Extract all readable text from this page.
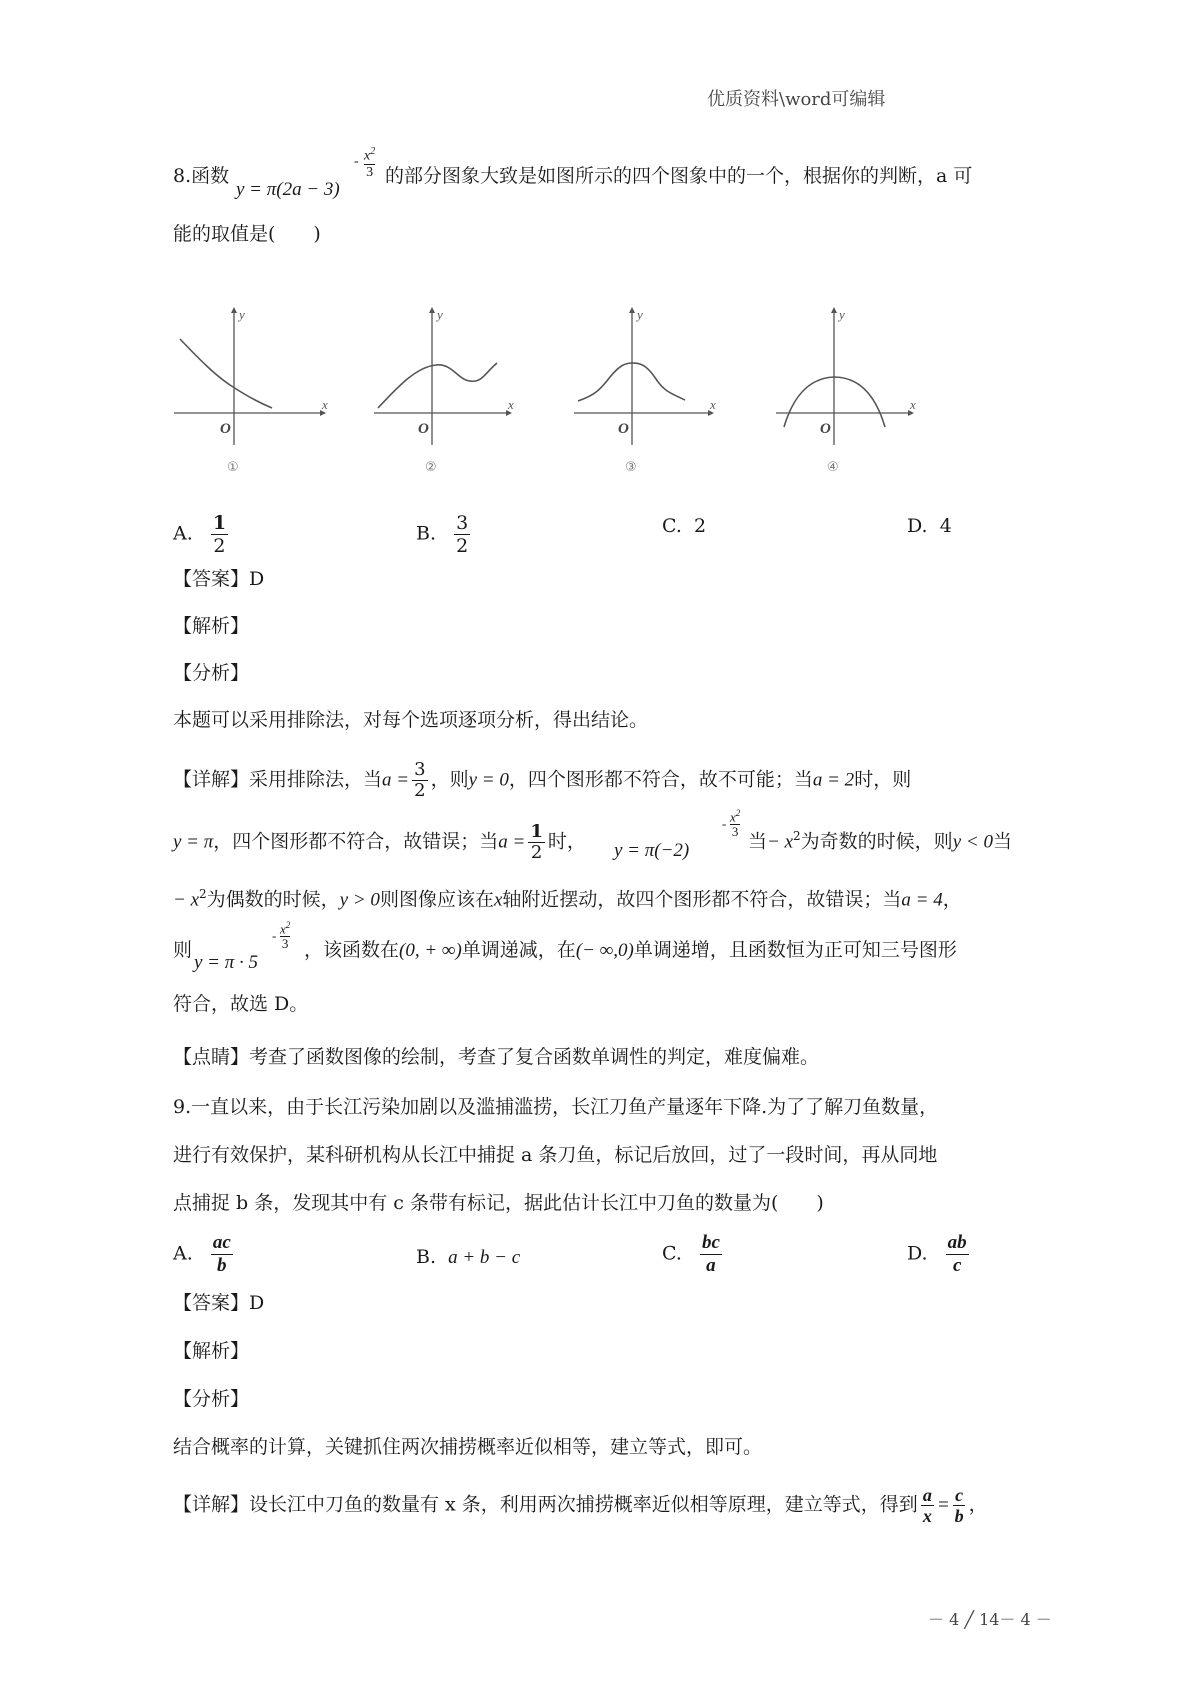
优质资料\word可编辑
8.函数
y = π(2a − 3)
- $x^2$
3 的部分图象大致是如图所示的四个图象中的一个，根据你的判断，a 可
能的取值是(　　)
y
x
O
①
y
x
O
②
y
x
O
③
y
x
O
④
A. $\frac{1}{2}$	B. $\frac{3}{2}$	C. 2	D. 4
【答案】D
【解析】
【分析】
本题可以采用排除法，对每个选项逐项分析，得出结论。
【详解】采用排除法，当$a = \frac{3}{2}$ ，则y = 0，四个图形都不符合，故不可能；当a = 2时，则
y = π，四个图形都不符合，故错误；当$a = \frac{1}{2}$ 时， y = π(−2)
- $x^2$
3 当− $x^2$为奇数的时候，则y < 0当
− $x^2$为偶数的时候，y > 0则图像应该在x轴附近摆动，故四个图形都不符合，故错误；当a = 4，
则
y = π · 5
- $x^2$
3 ，该函数在(0, + ∞)单调递减，在(− ∞,0)单调递增，且函数恒为正可知三号图形
符合，故选 D。
【点睛】考查了函数图像的绘制，考查了复合函数单调性的判定，难度偏难。
9.一直以来，由于长江污染加剧以及滥捕滥捞，长江刀鱼产量逐年下降.为了了解刀鱼数量，
进行有效保护，某科研机构从长江中捕捉 a 条刀鱼，标记后放回，过了一段时间，再从同地
点捕捉 b 条，发现其中有 c 条带有标记，据此估计长江中刀鱼的数量为(　　)
A. $\frac{ac}{b}$	B. a + b − c	C. $\frac{bc}{a}$	D. $\frac{ab}{c}$
【答案】D
【解析】
【分析】
结合概率的计算，关键抓住两次捕捞概率近似相等，建立等式，即可。
【详解】设长江中刀鱼的数量有 x 条，利用两次捕捞概率近似相等原理，建立等式，得到 $\frac{a}{x} = \frac{c}{b}$ ，
－ 4 ╱ 14－ 4 －
